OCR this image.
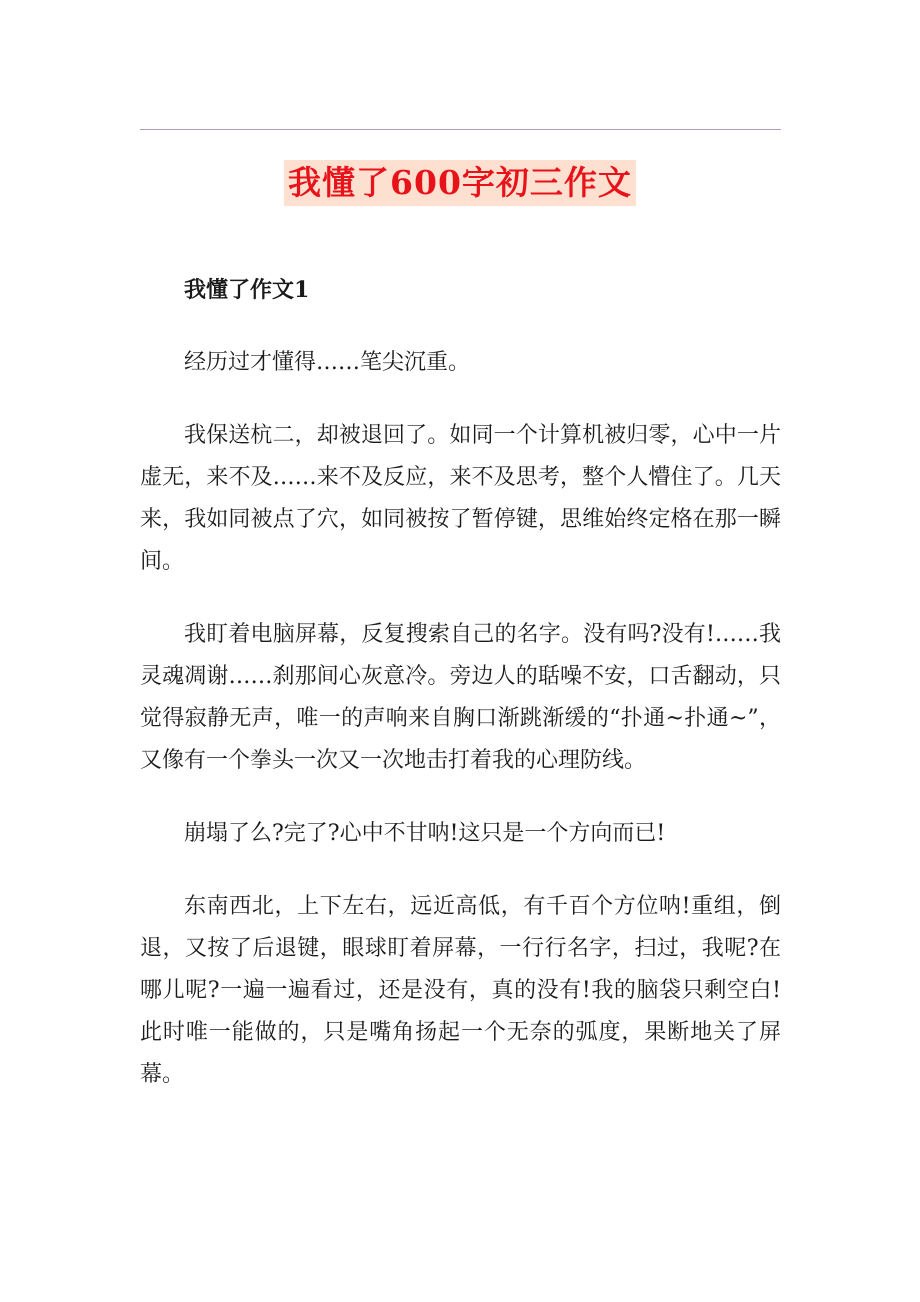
我懂了600字初三作文

我懂了作文1

经历过才懂得……笔尖沉重。

我保送杭二，却被退回了。如同一个计算机被归零，心中一片虚无，来不及……来不及反应，来不及思考，整个人懵住了。几天来，我如同被点了穴，如同被按了暂停键，思维始终定格在那一瞬间。

我盯着电脑屏幕，反复搜索自己的名字。没有吗?没有!……我灵魂凋谢……刹那间心灰意冷。旁边人的聒噪不安，口舌翻动，只觉得寂静无声，唯一的声响来自胸口渐跳渐缓的“扑通~扑通~”，又像有一个拳头一次又一次地击打着我的心理防线。

崩塌了么?完了?心中不甘呐!这只是一个方向而已!

东南西北，上下左右，远近高低，有千百个方位呐!重组，倒退，又按了后退键，眼球盯着屏幕，一行行名字，扫过，我呢?在哪儿呢?一遍一遍看过，还是没有，真的没有!我的脑袋只剩空白!此时唯一能做的，只是嘴角扬起一个无奈的弧度，果断地关了屏幕。
